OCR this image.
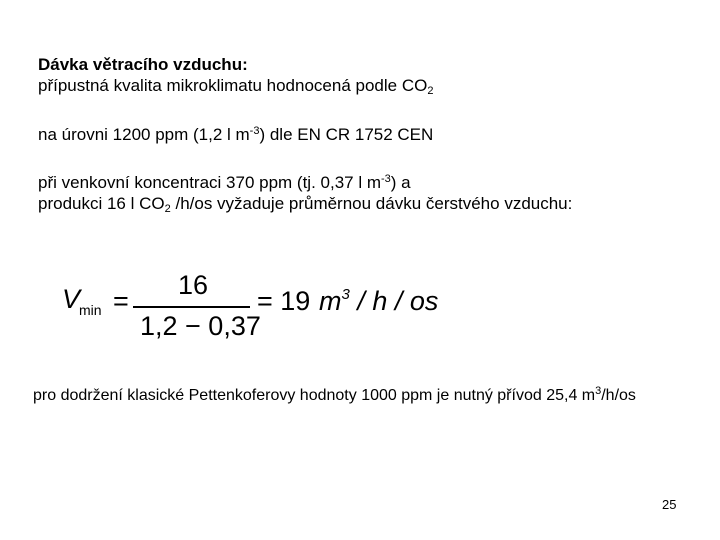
Dávka větracího vzduchu:
přípustná kvalita mikroklimatu hodnocená podle $CO_2$
na úrovni 1200 ppm (1,2 l $m^{-3}$) dle EN CR 1752 CEN
při venkovní koncentraci 370 ppm (tj. 0,37 l $m^{-3}$) a
produkci 16 l $CO_2$ /h/os vyžaduje průměrnou dávku čerstvého vzduchu:
V
min =
16
1,2 − 0,37
= 19 $m^3$ / h / os
pro dodržení klasické Pettenkoferovy hodnoty 1000 ppm je nutný přívod 25,4 $m^3/h/os$
25
